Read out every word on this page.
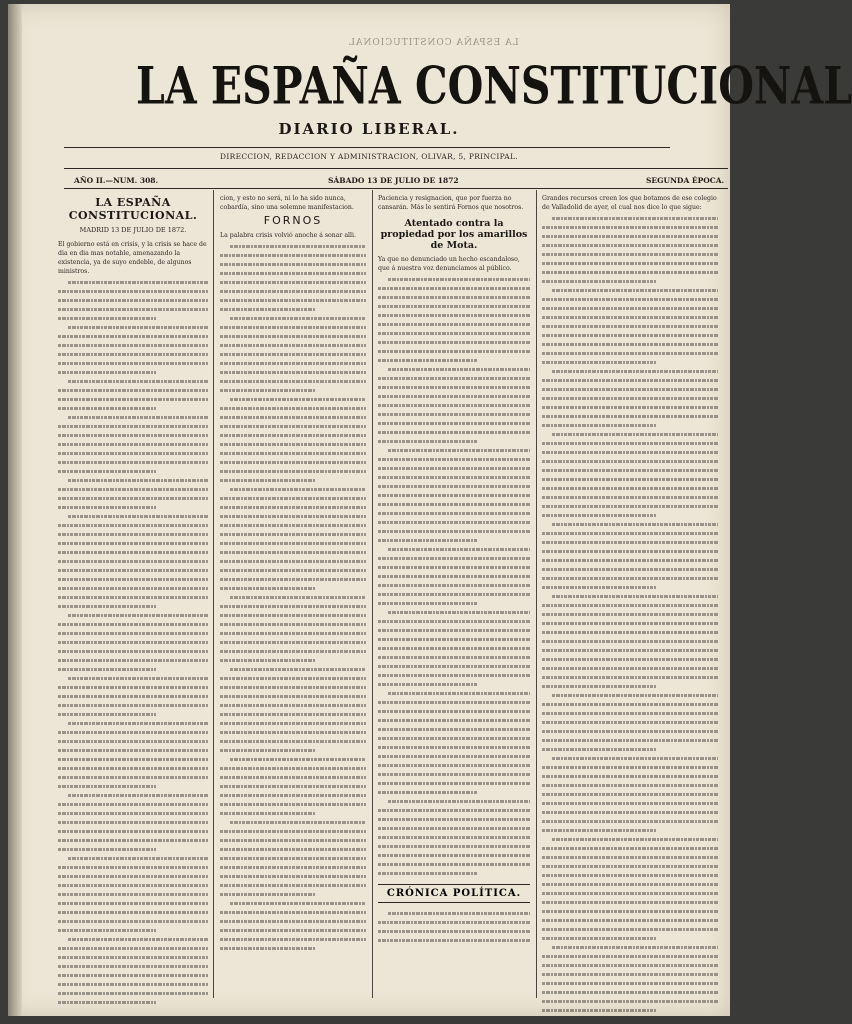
LA ESPAÑA CONSTITUCIONAL
LA ESPAÑA CONSTITUCIONAL
DIARIO LIBERAL.
DIRECCION, REDACCION Y ADMINISTRACION, OLIVAR, 5, PRINCIPAL.
AÑO II.—NUM. 308.	SÁBADO 13 DE JULIO DE 1872	SEGUNDA ÉPOCA.
LA ESPAÑA CONSTITUCIONAL.
MADRID 13 DE JULIO DE 1872.

El gobierno está en crisis, y la crisis se hace de dia en dia mas notable, amenazando la existencia, ya de suyo endeble, de algunos ministros.

cion, y esto no será, ni lo ha sido nunca, cobardía, sino una solemne manifestacion.

FORNOS

La palabra crisis volvió anoche á sonar alli.

Paciencia y resignacion, que por fuerza no cansarán. Más le sentirá Fornos que nosotros.

Atentado contra la propiedad por los amarillos de Mota.

Ya que no denunciado un hecho escandaloso, que á nuestra voz denunciamos al público.

CRÓNICA POLÍTICA.

Grandes recursos creen los que botamos de ese colegio de Valladolid de ayer, el cual nos dice lo que sigue:
